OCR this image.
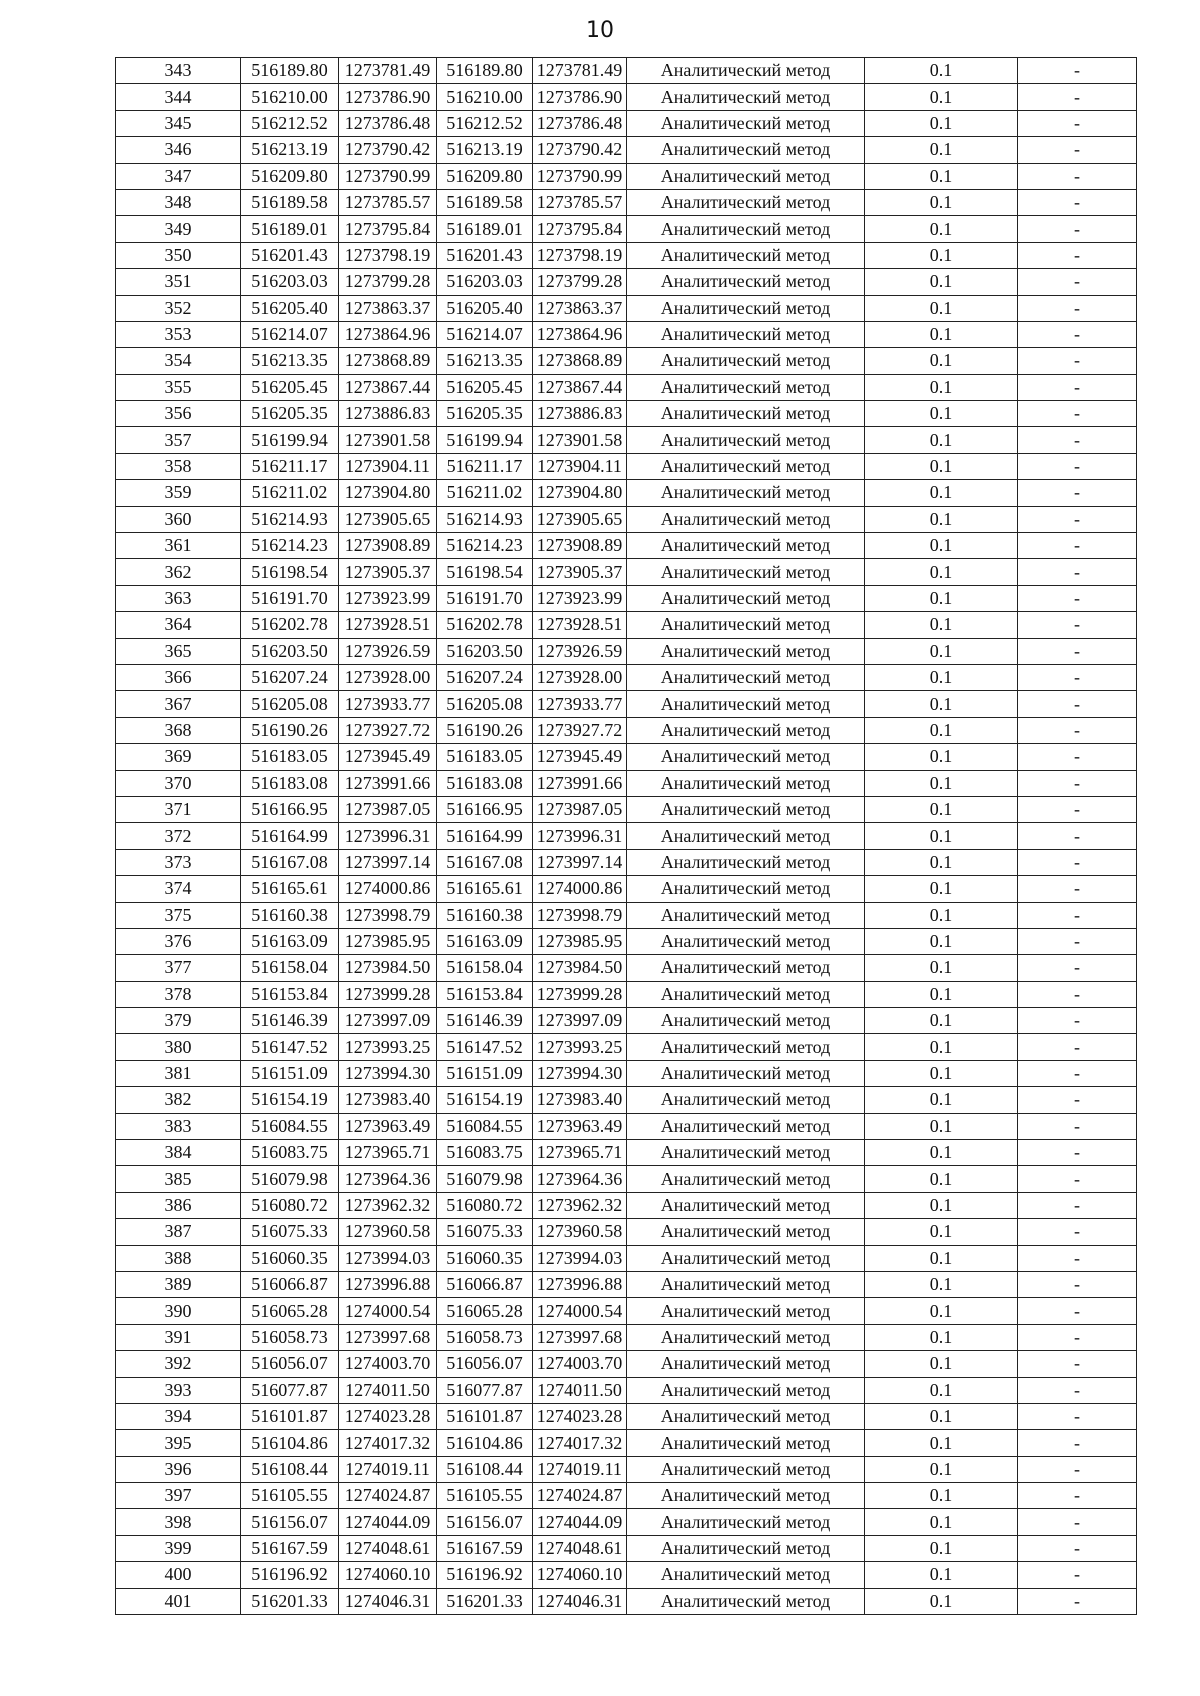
10
343	516189.80	1273781.49	516189.80	1273781.49	Аналитический метод	0.1	-
344	516210.00	1273786.90	516210.00	1273786.90	Аналитический метод	0.1	-
345	516212.52	1273786.48	516212.52	1273786.48	Аналитический метод	0.1	-
346	516213.19	1273790.42	516213.19	1273790.42	Аналитический метод	0.1	-
347	516209.80	1273790.99	516209.80	1273790.99	Аналитический метод	0.1	-
348	516189.58	1273785.57	516189.58	1273785.57	Аналитический метод	0.1	-
349	516189.01	1273795.84	516189.01	1273795.84	Аналитический метод	0.1	-
350	516201.43	1273798.19	516201.43	1273798.19	Аналитический метод	0.1	-
351	516203.03	1273799.28	516203.03	1273799.28	Аналитический метод	0.1	-
352	516205.40	1273863.37	516205.40	1273863.37	Аналитический метод	0.1	-
353	516214.07	1273864.96	516214.07	1273864.96	Аналитический метод	0.1	-
354	516213.35	1273868.89	516213.35	1273868.89	Аналитический метод	0.1	-
355	516205.45	1273867.44	516205.45	1273867.44	Аналитический метод	0.1	-
356	516205.35	1273886.83	516205.35	1273886.83	Аналитический метод	0.1	-
357	516199.94	1273901.58	516199.94	1273901.58	Аналитический метод	0.1	-
358	516211.17	1273904.11	516211.17	1273904.11	Аналитический метод	0.1	-
359	516211.02	1273904.80	516211.02	1273904.80	Аналитический метод	0.1	-
360	516214.93	1273905.65	516214.93	1273905.65	Аналитический метод	0.1	-
361	516214.23	1273908.89	516214.23	1273908.89	Аналитический метод	0.1	-
362	516198.54	1273905.37	516198.54	1273905.37	Аналитический метод	0.1	-
363	516191.70	1273923.99	516191.70	1273923.99	Аналитический метод	0.1	-
364	516202.78	1273928.51	516202.78	1273928.51	Аналитический метод	0.1	-
365	516203.50	1273926.59	516203.50	1273926.59	Аналитический метод	0.1	-
366	516207.24	1273928.00	516207.24	1273928.00	Аналитический метод	0.1	-
367	516205.08	1273933.77	516205.08	1273933.77	Аналитический метод	0.1	-
368	516190.26	1273927.72	516190.26	1273927.72	Аналитический метод	0.1	-
369	516183.05	1273945.49	516183.05	1273945.49	Аналитический метод	0.1	-
370	516183.08	1273991.66	516183.08	1273991.66	Аналитический метод	0.1	-
371	516166.95	1273987.05	516166.95	1273987.05	Аналитический метод	0.1	-
372	516164.99	1273996.31	516164.99	1273996.31	Аналитический метод	0.1	-
373	516167.08	1273997.14	516167.08	1273997.14	Аналитический метод	0.1	-
374	516165.61	1274000.86	516165.61	1274000.86	Аналитический метод	0.1	-
375	516160.38	1273998.79	516160.38	1273998.79	Аналитический метод	0.1	-
376	516163.09	1273985.95	516163.09	1273985.95	Аналитический метод	0.1	-
377	516158.04	1273984.50	516158.04	1273984.50	Аналитический метод	0.1	-
378	516153.84	1273999.28	516153.84	1273999.28	Аналитический метод	0.1	-
379	516146.39	1273997.09	516146.39	1273997.09	Аналитический метод	0.1	-
380	516147.52	1273993.25	516147.52	1273993.25	Аналитический метод	0.1	-
381	516151.09	1273994.30	516151.09	1273994.30	Аналитический метод	0.1	-
382	516154.19	1273983.40	516154.19	1273983.40	Аналитический метод	0.1	-
383	516084.55	1273963.49	516084.55	1273963.49	Аналитический метод	0.1	-
384	516083.75	1273965.71	516083.75	1273965.71	Аналитический метод	0.1	-
385	516079.98	1273964.36	516079.98	1273964.36	Аналитический метод	0.1	-
386	516080.72	1273962.32	516080.72	1273962.32	Аналитический метод	0.1	-
387	516075.33	1273960.58	516075.33	1273960.58	Аналитический метод	0.1	-
388	516060.35	1273994.03	516060.35	1273994.03	Аналитический метод	0.1	-
389	516066.87	1273996.88	516066.87	1273996.88	Аналитический метод	0.1	-
390	516065.28	1274000.54	516065.28	1274000.54	Аналитический метод	0.1	-
391	516058.73	1273997.68	516058.73	1273997.68	Аналитический метод	0.1	-
392	516056.07	1274003.70	516056.07	1274003.70	Аналитический метод	0.1	-
393	516077.87	1274011.50	516077.87	1274011.50	Аналитический метод	0.1	-
394	516101.87	1274023.28	516101.87	1274023.28	Аналитический метод	0.1	-
395	516104.86	1274017.32	516104.86	1274017.32	Аналитический метод	0.1	-
396	516108.44	1274019.11	516108.44	1274019.11	Аналитический метод	0.1	-
397	516105.55	1274024.87	516105.55	1274024.87	Аналитический метод	0.1	-
398	516156.07	1274044.09	516156.07	1274044.09	Аналитический метод	0.1	-
399	516167.59	1274048.61	516167.59	1274048.61	Аналитический метод	0.1	-
400	516196.92	1274060.10	516196.92	1274060.10	Аналитический метод	0.1	-
401	516201.33	1274046.31	516201.33	1274046.31	Аналитический метод	0.1	-
